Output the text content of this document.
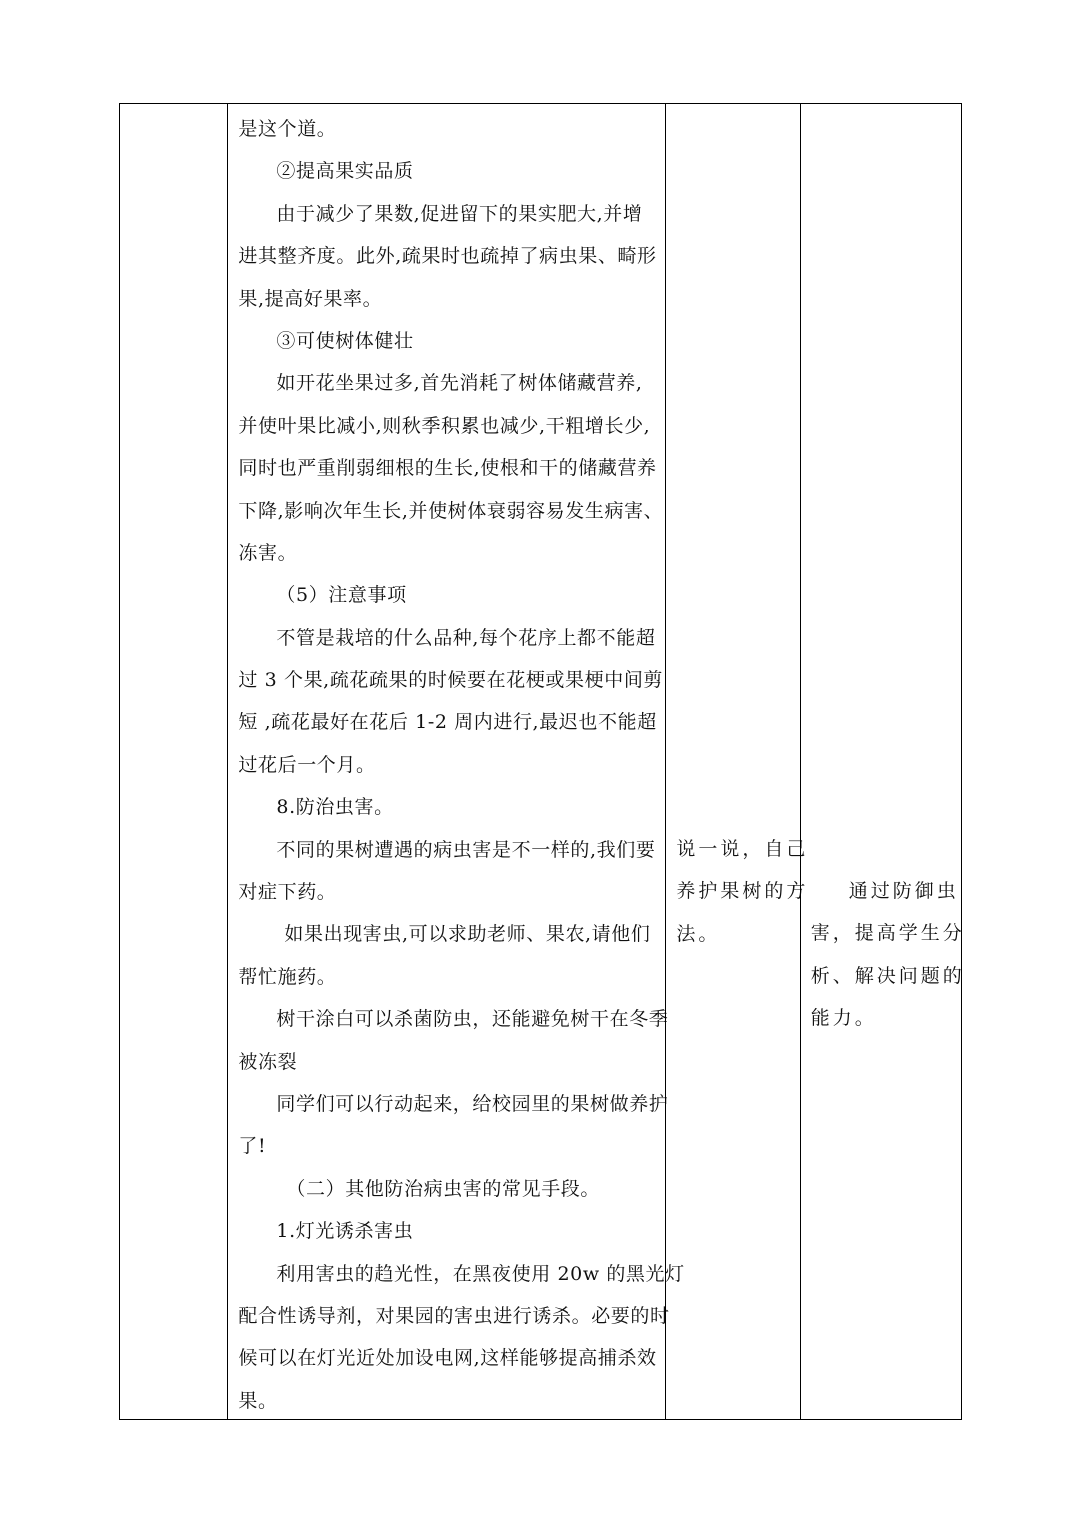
是这个道。
②提高果实品质
由于减少了果数,促进留下的果实肥大,并增
进其整齐度。此外,疏果时也疏掉了病虫果、畸形
果,提高好果率。
③可使树体健壮
如开花坐果过多,首先消耗了树体储藏营养,
并使叶果比减小,则秋季积累也减少,干粗增长少,
同时也严重削弱细根的生长,使根和干的储藏营养
下降,影响次年生长,并使树体衰弱容易发生病害、
冻害。
（5）注意事项
不管是栽培的什么品种,每个花序上都不能超
过 3 个果,疏花疏果的时候要在花梗或果梗中间剪
短 ,疏花最好在花后 1-2 周内进行,最迟也不能超
过花后一个月。
8.防治虫害。
不同的果树遭遇的病虫害是不一样的,我们要
对症下药。
如果出现害虫,可以求助老师、果农,请他们
帮忙施药。
树干涂白可以杀菌防虫，还能避免树干在冬季
被冻裂
同学们可以行动起来，给校园里的果树做养护
了!
（二）其他防治病虫害的常见手段。
1.灯光诱杀害虫
利用害虫的趋光性，在黑夜使用 20w 的黑光灯
配合性诱导剂，对果园的害虫进行诱杀。必要的时
候可以在灯光近处加设电网,这样能够提高捕杀效
果。
说一说，自己
养护果树的方
法。
通过防御虫
害，提高学生分
析、解决问题的
能力。
